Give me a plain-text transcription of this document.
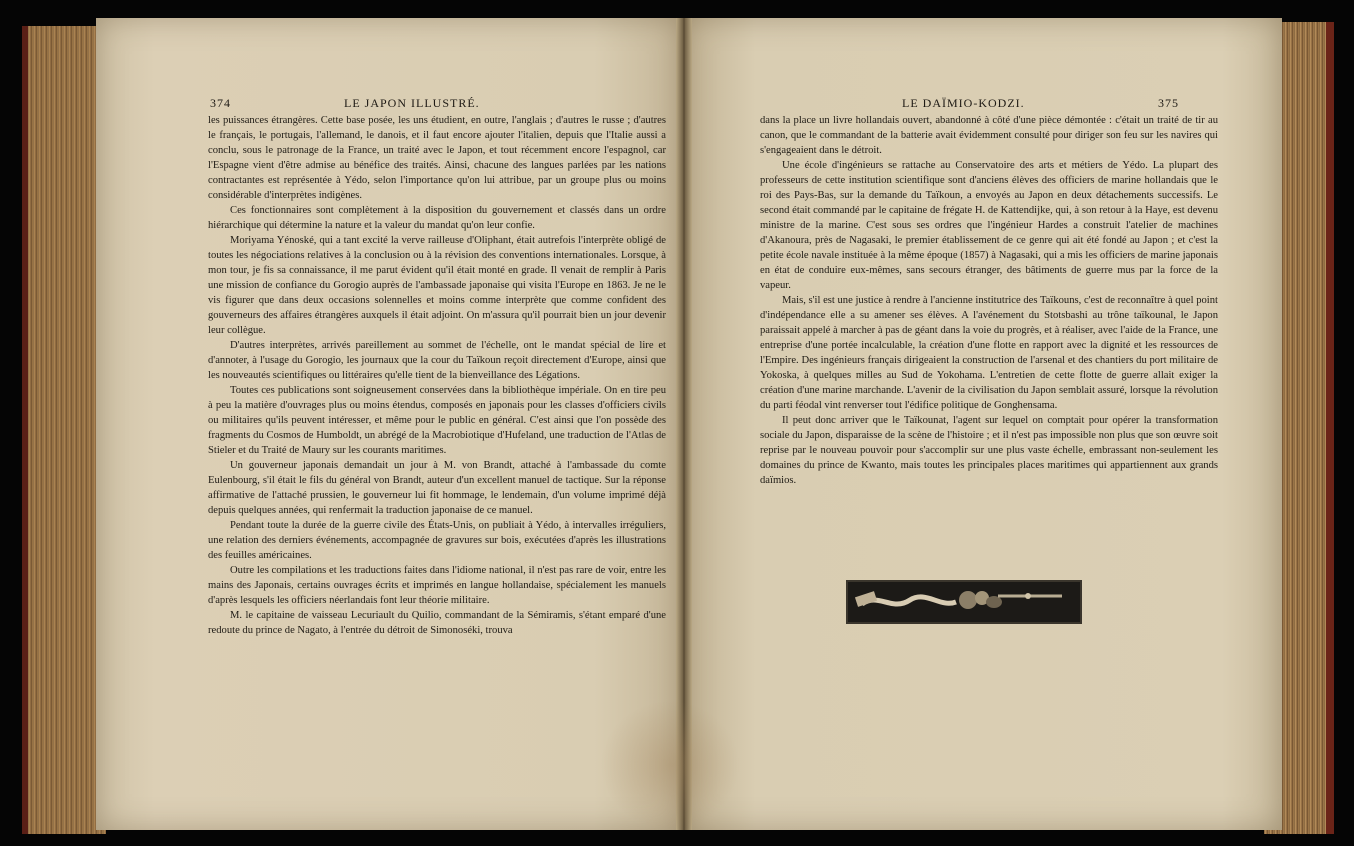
374	LE JAPON ILLUSTRÉ.

les puissances étrangères. Cette base posée, les uns étudient, en outre, l'anglais ; d'autres le russe ; d'autres le français, le portugais, l'allemand, le danois, et il faut encore ajouter l'italien, depuis que l'Italie aussi a conclu, sous le patronage de la France, un traité avec le Japon, et tout récemment encore l'espagnol, car l'Espagne vient d'être admise au bénéfice des traités. Ainsi, chacune des langues parlées par les nations contractantes est représentée à Yédo, selon l'importance qu'on lui attribue, par un groupe plus ou moins considérable d'interprètes indigènes.

Ces fonctionnaires sont complètement à la disposition du gouvernement et classés dans un ordre hiérarchique qui détermine la nature et la valeur du mandat qu'on leur confie.

Moriyama Yénoské, qui a tant excité la verve railleuse d'Oliphant, était autrefois l'interprète obligé de toutes les négociations relatives à la conclusion ou à la révision des conventions internationales. Lorsque, à mon tour, je fis sa connaissance, il me parut évident qu'il était monté en grade. Il venait de remplir à Paris une mission de confiance du Gorogio auprès de l'ambassade japonaise qui visita l'Europe en 1863. Je ne le vis figurer que dans deux occasions solennelles et moins comme interprète que comme confident des gouverneurs des affaires étrangères auxquels il était adjoint. On m'assura qu'il pourrait bien un jour devenir leur collègue.

D'autres interprètes, arrivés pareillement au sommet de l'échelle, ont le mandat spécial de lire et d'annoter, à l'usage du Gorogio, les journaux que la cour du Taïkoun reçoit directement d'Europe, ainsi que les nouveautés scientifiques ou littéraires qu'elle tient de la bienveillance des Légations.

Toutes ces publications sont soigneusement conservées dans la bibliothèque impériale. On en tire peu à peu la matière d'ouvrages plus ou moins étendus, composés en japonais pour les classes d'officiers civils ou militaires qu'ils peuvent intéresser, et même pour le public en général. C'est ainsi que l'on possède des fragments du Cosmos de Humboldt, un abrégé de la Macrobiotique d'Hufeland, une traduction de l'Atlas de Stieler et du Traité de Maury sur les courants maritimes.

Un gouverneur japonais demandait un jour à M. von Brandt, attaché à l'ambassade du comte Eulenbourg, s'il était le fils du général von Brandt, auteur d'un excellent manuel de tactique. Sur la réponse affirmative de l'attaché prussien, le gouverneur lui fit hommage, le lendemain, d'un volume imprimé déjà depuis quelques années, qui renfermait la traduction japonaise de ce manuel.

Pendant toute la durée de la guerre civile des États-Unis, on publiait à Yédo, à intervalles irréguliers, une relation des derniers événements, accompagnée de gravures sur bois, exécutées d'après les illustrations des feuilles américaines.

Outre les compilations et les traductions faites dans l'idiome national, il n'est pas rare de voir, entre les mains des Japonais, certains ouvrages écrits et imprimés en langue hollandaise, spécialement les manuels d'après lesquels les officiers néerlandais font leur théorie militaire.

M. le capitaine de vaisseau Lecuriault du Quilio, commandant de la Sémiramis, s'étant emparé d'une redoute du prince de Nagato, à l'entrée du détroit de Simonoséki, trouva

LE DAÏMIO-KODZI.	375

dans la place un livre hollandais ouvert, abandonné à côté d'une pièce démontée : c'était un traité de tir au canon, que le commandant de la batterie avait évidemment consulté pour diriger son feu sur les navires qui s'engageaient dans le détroit.

Une école d'ingénieurs se rattache au Conservatoire des arts et métiers de Yédo. La plupart des professeurs de cette institution scientifique sont d'anciens élèves des officiers de marine hollandais que le roi des Pays-Bas, sur la demande du Taïkoun, a envoyés au Japon en deux détachements successifs. Le second était commandé par le capitaine de frégate H. de Kattendijke, qui, à son retour à la Haye, est devenu ministre de la marine. C'est sous ses ordres que l'ingénieur Hardes a construit l'atelier de machines d'Akanoura, près de Nagasaki, le premier établissement de ce genre qui ait été fondé au Japon ; et c'est la petite école navale instituée à la même époque (1857) à Nagasaki, qui a mis les officiers de marine japonais en état de conduire eux-mêmes, sans secours étranger, des bâtiments de guerre mus par la force de la vapeur.

Mais, s'il est une justice à rendre à l'ancienne institutrice des Taïkouns, c'est de reconnaître à quel point d'indépendance elle a su amener ses élèves. A l'avénement du Stotsbashi au trône taïkounal, le Japon paraissait appelé à marcher à pas de géant dans la voie du progrès, et à réaliser, avec l'aide de la France, une entreprise d'une portée incalculable, la création d'une flotte en rapport avec la dignité et les ressources de l'Empire. Des ingénieurs français dirigeaient la construction de l'arsenal et des chantiers du port militaire de Yokoska, à quelques milles au Sud de Yokohama. L'entretien de cette flotte de guerre allait exiger la création d'une marine marchande. L'avenir de la civilisation du Japon semblait assuré, lorsque la révolution du parti féodal vint renverser tout l'édifice politique de Gonghensama.

Il peut donc arriver que le Taïkounat, l'agent sur lequel on comptait pour opérer la transformation sociale du Japon, disparaisse de la scène de l'histoire ; et il n'est pas impossible non plus que son œuvre soit reprise par le nouveau pouvoir pour s'accomplir sur une plus vaste échelle, embrassant non-seulement les domaines du prince de Kwanto, mais toutes les principales places maritimes qui appartiennent aux grands daïmios.
